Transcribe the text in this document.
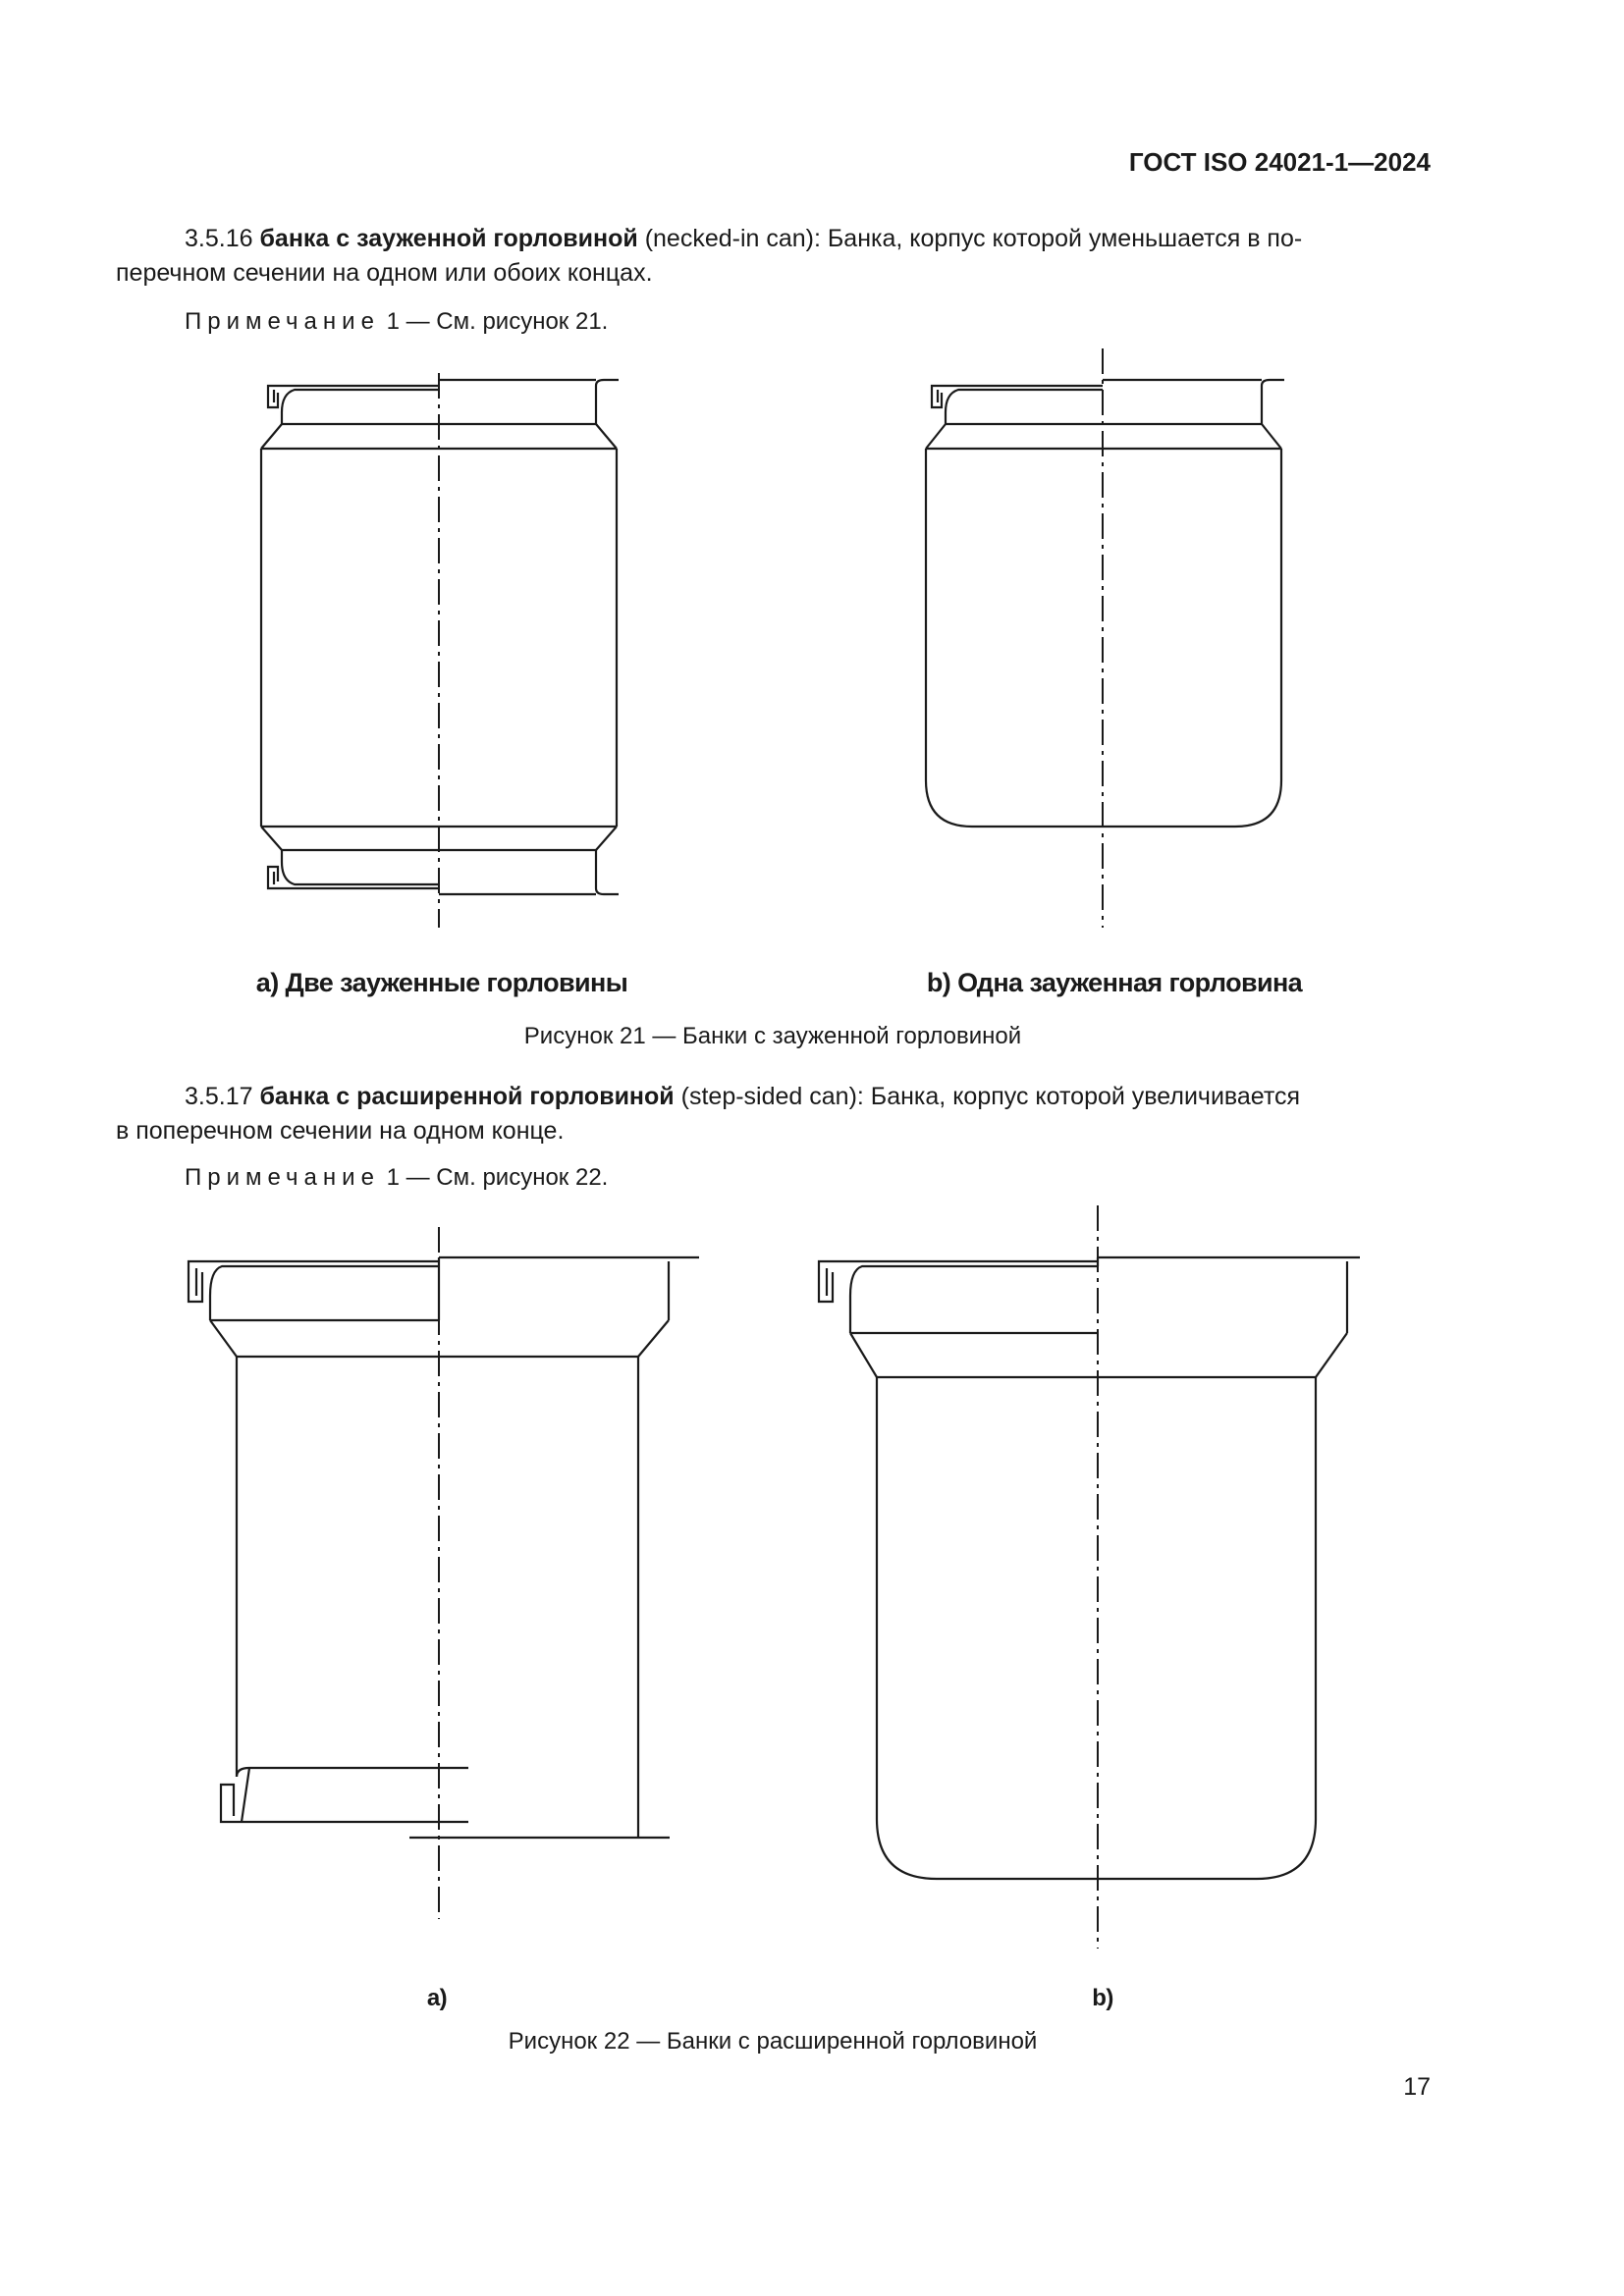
ГОСТ ISO 24021-1—2024
3.5.16 банка с зауженной горловиной (necked-in can): Банка, корпус которой уменьшается в по-
перечном сечении на одном или обоих концах.
Примечание 1 — См. рисунок 21.
3.5.17 банка с расширенной горловиной (step-sided can): Банка, корпус которой увеличивается
в поперечном сечении на одном конце.
Примечание 1 — См. рисунок 22.
а) Две зауженные горловины	b) Одна зауженная горловина
Рисунок 21 — Банки с зауженной горловиной
a)	b)
Рисунок 22 — Банки с расширенной горловиной
17
